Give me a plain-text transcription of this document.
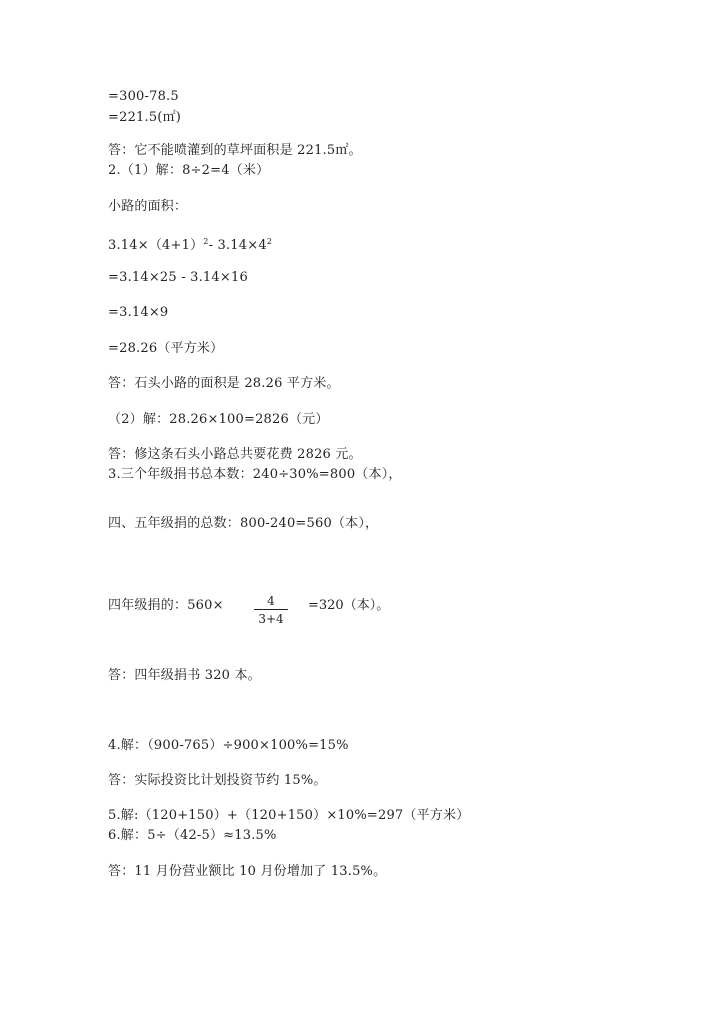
=300-78.5
=221.5(㎡)
答：它不能喷灌到的草坪面积是 221.5㎡。
2.（1）解：8÷2=4（米）
小路的面积：
$3.14\times(4+1)^2-$ $3.14\times 4^2$
=3.14×25 - 3.14×16
=3.14×9
=28.26（平方米）
答：石头小路的面积是 28.26 平方米。
（2）解：28.26×100=2826（元）
答：修这条石头小路总共要花费 2826 元。
3.三个年级捐书总本数：240÷30%=800（本），
四、五年级捐的总数：800-240=560（本），
四年级捐的：560×	4
3+4
=320（本）。
答：四年级捐书 320 本。
4.解：（900-765）÷900×100%=15%
答：实际投资比计划投资节约 15%。
5.解:（120+150）+（120+150）×10%=297（平方米）
6.解：5÷（42-5）≈13.5%
答：11 月份营业额比 10 月份增加了 13.5%。
